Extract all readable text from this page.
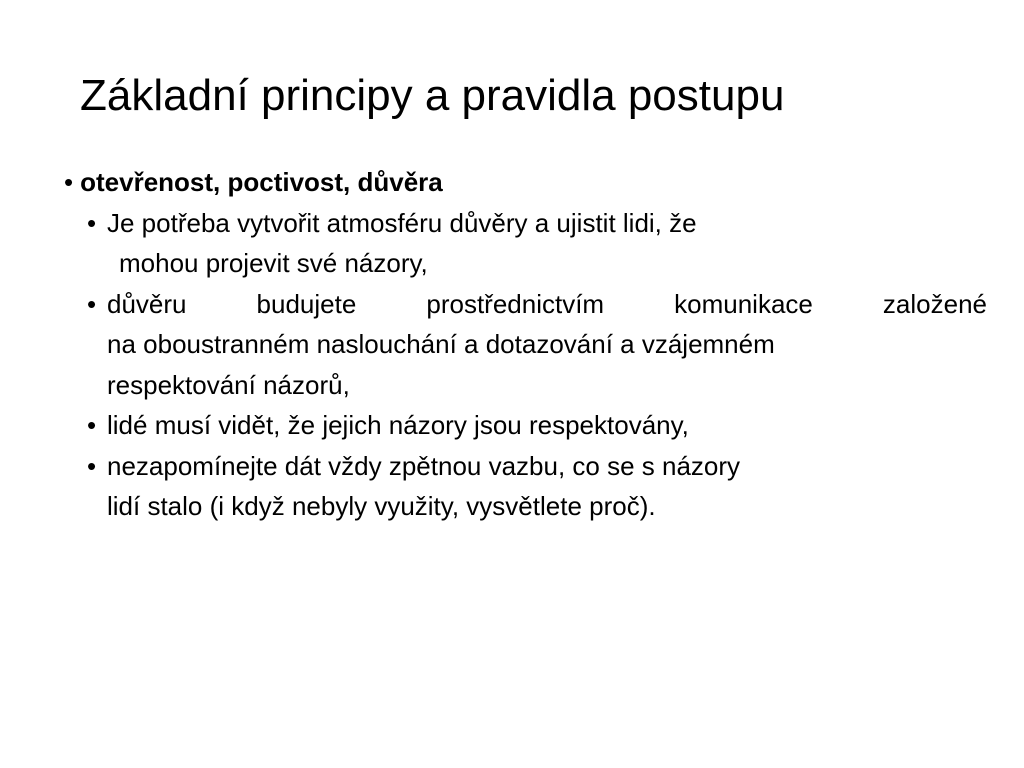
Základní principy a pravidla postupu

• otevřenost, poctivost, důvěra

• Je potřeba vytvořit atmosféru důvěry a ujistit lidi, že
mohou projevit své názory,
• důvěru	budujete	prostřednictvím	komunikace	založené
na oboustranném naslouchání a dotazování a vzájemném
respektování názorů,
• lidé musí vidět, že jejich názory jsou respektovány,
• nezapomínejte dát vždy zpětnou vazbu, co se s názory
lidí stalo (i když nebyly využity, vysvětlete proč).
